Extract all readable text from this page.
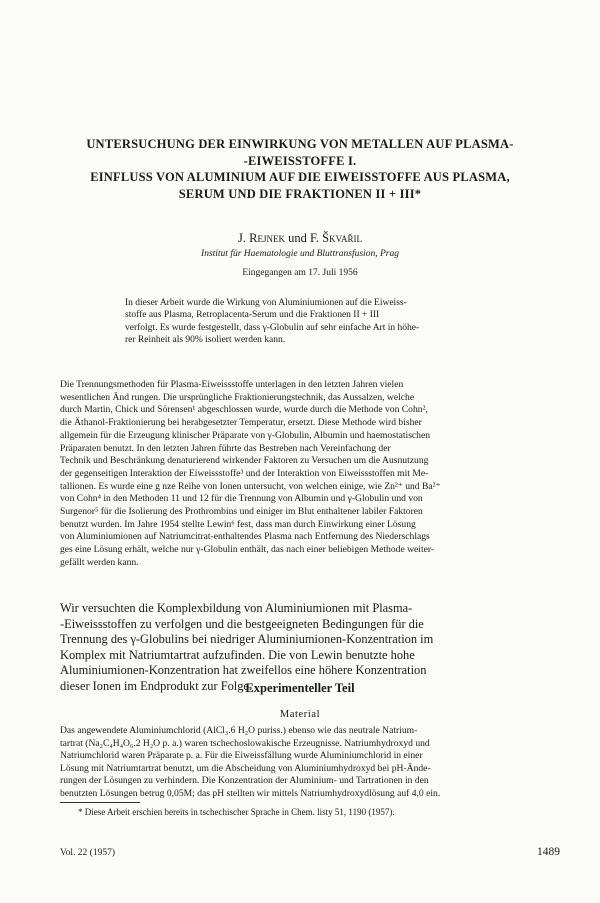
UNTERSUCHUNG DER EINWIRKUNG VON METALLEN AUF PLASMA-
-EIWEISSTOFFE I.
EINFLUSS VON ALUMINIUM AUF DIE EIWEISSTOFFE AUS PLASMA,
SERUM UND DIE FRAKTIONEN II + III*
J. Rejnek und F. Škvařil
Institut für Haematologie und Bluttransfusion, Prag
Eingegangen am 17. Juli 1956
In dieser Arbeit wurde die Wirkung von Aluminiumionen auf die Eiweiss-
stoffe aus Plasma, Retroplacenta-Serum und die Fraktionen II + III
verfolgt. Es wurde festgestellt, dass γ-Globulin auf sehr einfache Art in höhe-
rer Reinheit als 90% isoliert werden kann.
Die Trennungsmethoden für Plasma-Eiweissstoffe unterlagen in den letzten Jahren vielen
wesentlichen Änd rungen. Die ursprüngliche Fraktionierungstechnik, das Aussalzen, welche
durch Martin, Chick und Sörensen¹ abgeschlossen wurde, wurde durch die Methode von Cohn²,
die Äthanol-Fraktionierung bei herabgesetzter Temperatur, ersetzt. Diese Methode wird bisher
allgemein für die Erzeugung klinischer Präparate von γ-Globulin, Albumin und haemostatischen
Präparaten benutzt. In den letzten Jahren führte das Bestreben nach Vereinfachung der
Technik und Beschränkung denaturierend wirkender Faktoren zu Versuchen um die Ausnutzung
der gegenseitigen Interaktion der Eiweissstoffe³ und der Interaktion von Eiweissstoffen mit Me-
tallionen. Es wurde eine g nze Reihe von Ionen untersucht, von welchen einige, wie Zn²⁺ und Ba²⁺
von Cohn⁴ in den Methoden 11 und 12 für die Trennung von Albumin und γ-Globulin und von
Surgenor⁵ für die Isolierung des Prothrombins und einiger im Blut enthaltener labiler Faktoren
benutzt wurden. Im Jahre 1954 stellte Lewin⁶ fest, dass man durch Einwirkung einer Lösung
von Aluminiumionen auf Natriumcitrat-enthaltendes Plasma nach Entfernung des Niederschlags
ges eine Lösung erhält, welche nur γ-Globulin enthält, das nach einer beliebigen Methode weiter-
gefällt werden kann.
Wir versuchten die Komplexbildung von Aluminiumionen mit Plasma-
-Eiweissstoffen zu verfolgen und die bestgeeigneten Bedingungen für die
Trennung des γ-Globulins bei niedriger Aluminiumionen-Konzentration im
Komplex mit Natriumtartrat aufzufinden. Die von Lewin benutzte hohe
Aluminiumionen-Konzentration hat zweifellos eine höhere Konzentration
dieser Ionen im Endprodukt zur Folge.
Experimenteller Teil
Material
Das angewendete Aluminiumchlorid (AlCl₃.6 H₂O puriss.) ebenso wie das neutrale Natrium-
tartrat (Na₂C₄H₄O₆.2 H₂O p. a.) waren tschechoslowakische Erzeugnisse. Natriumhydroxyd und
Natriumchlorid waren Präparate p. a. Für die Eiweissfällung wurde Aluminiumchlorid in einer
Lösung mit Natriumtartrat benutzt, um die Abscheidung von Aluminiumhydroxyd bei pH-Ände-
rungen der Lösungen zu verhindern. Die Konzentration der Aluminium- und Tartrationen in den
benutzten Lösungen betrug 0,05M; das pH stellten wir mittels Natriumhydroxydlösung auf 4,0 ein.
* Diese Arbeit erschien bereits in tschechischer Sprache in Chem. listy 51, 1190 (1957).
Vol. 22 (1957)	1489
